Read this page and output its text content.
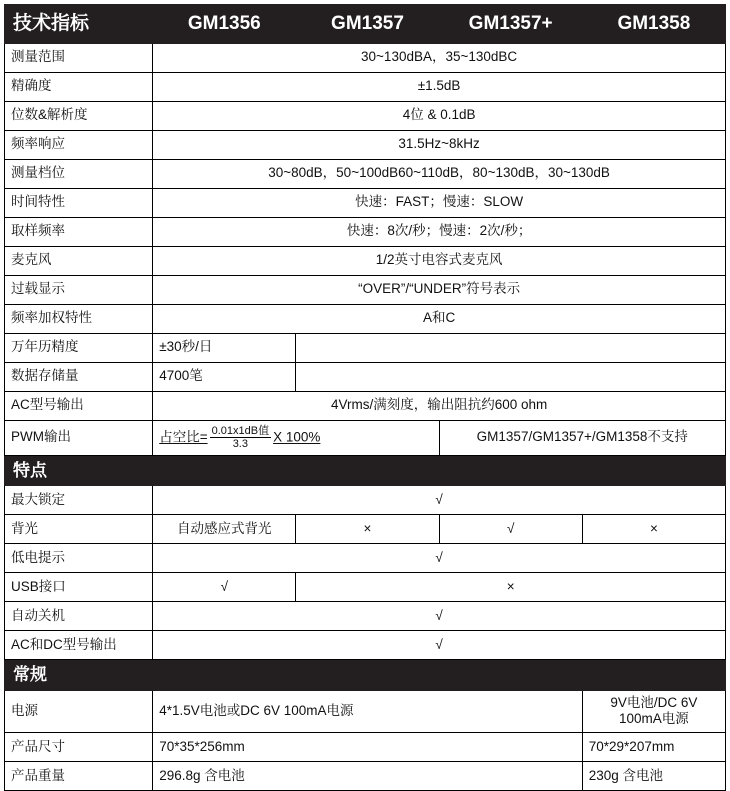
技术指标	GM1356	GM1357	GM1357+	GM1358
测量范围	30~130dBA，35~130dBC			
精确度	±1.5dB			
位数&解析度	4位 & 0.1dB			
频率响应	31.5Hz~8kHz			
测量档位	30~80dB，50~100dB60~110dB，80~130dB，30~130dB			
时间特性	快速：FAST；慢速：SLOW			
取样频率	快速：8次/秒；慢速：2次/秒；			
麦克风	1/2英寸电容式麦克风			
过载显示	“OVER”/“UNDER”符号表示			
频率加权特性	A和C			
万年历精度	±30秒/日			
数据存储量	4700笔			
AC型号输出	4Vrms/满刻度，输出阻抗约600 ohm			
PWM输出	占空比= $\frac{\text{0.01x1dB值}}{3.3}$ X 100%		GM1357/GM1357+/GM1358不支持	
特点				
最大锁定	√			
背光	自动感应式背光	×	√	×
低电提示	√			
USB接口	√	×		
自动关机	√			
AC和DC型号输出	√			
常规				
电源	4*1.5V电池或DC 6V 100mA电源			9V电池/DC 6V 100mA电源
产品尺寸	70*35*256mm			70*29*207mm
产品重量	296.8g 含电池			230g 含电池
